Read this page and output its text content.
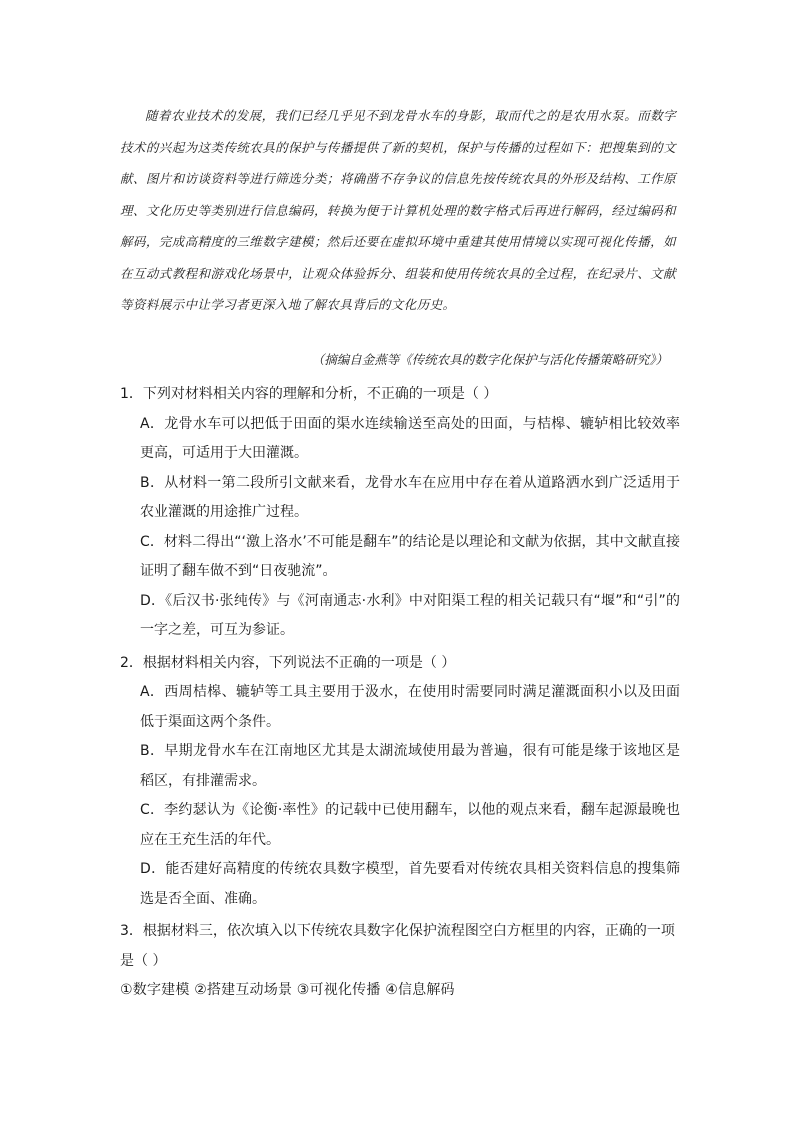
随着农业技术的发展，我们已经几乎见不到龙骨水车的身影，取而代之的是农用水泵。而数字技术的兴起为这类传统农具的保护与传播提供了新的契机，保护与传播的过程如下：把搜集到的文献、图片和访谈资料等进行筛选分类；将确凿不存争议的信息先按传统农具的外形及结构、工作原理、文化历史等类别进行信息编码，转换为便于计算机处理的数字格式后再进行解码，经过编码和解码，完成高精度的三维数字建模；然后还要在虚拟环境中重建其使用情境以实现可视化传播，如在互动式教程和游戏化场景中，让观众体验拆分、组装和使用传统农具的全过程，在纪录片、文献等资料展示中让学习者更深入地了解农具背后的文化历史。

（摘编自金燕等《传统农具的数字化保护与活化传播策略研究》）

1．下列对材料相关内容的理解和分析，不正确的一项是（ ）

A．龙骨水车可以把低于田面的渠水连续输送至高处的田面，与桔槔、辘轳相比较效率更高，可适用于大田灌溉。

B．从材料一第二段所引文献来看，龙骨水车在应用中存在着从道路洒水到广泛适用于农业灌溉的用途推广过程。

C．材料二得出“‘激上洛水’不可能是翻车”的结论是以理论和文献为依据，其中文献直接证明了翻车做不到“日夜驰流”。

D．《后汉书·张纯传》与《河南通志·水利》中对阳渠工程的相关记载只有“堰”和“引”的一字之差，可互为参证。

2．根据材料相关内容，下列说法不正确的一项是（ ）

A．西周桔槔、辘轳等工具主要用于汲水，在使用时需要同时满足灌溉面积小以及田面低于渠面这两个条件。

B．早期龙骨水车在江南地区尤其是太湖流域使用最为普遍，很有可能是缘于该地区是稻区，有排灌需求。

C．李约瑟认为《论衡·率性》的记载中已使用翻车，以他的观点来看，翻车起源最晚也应在王充生活的年代。

D．能否建好高精度的传统农具数字模型，首先要看对传统农具相关资料信息的搜集筛选是否全面、准确。

3．根据材料三，依次填入以下传统农具数字化保护流程图空白方框里的内容，正确的一项是（ ）

①数字建模 ②搭建互动场景 ③可视化传播 ④信息解码
